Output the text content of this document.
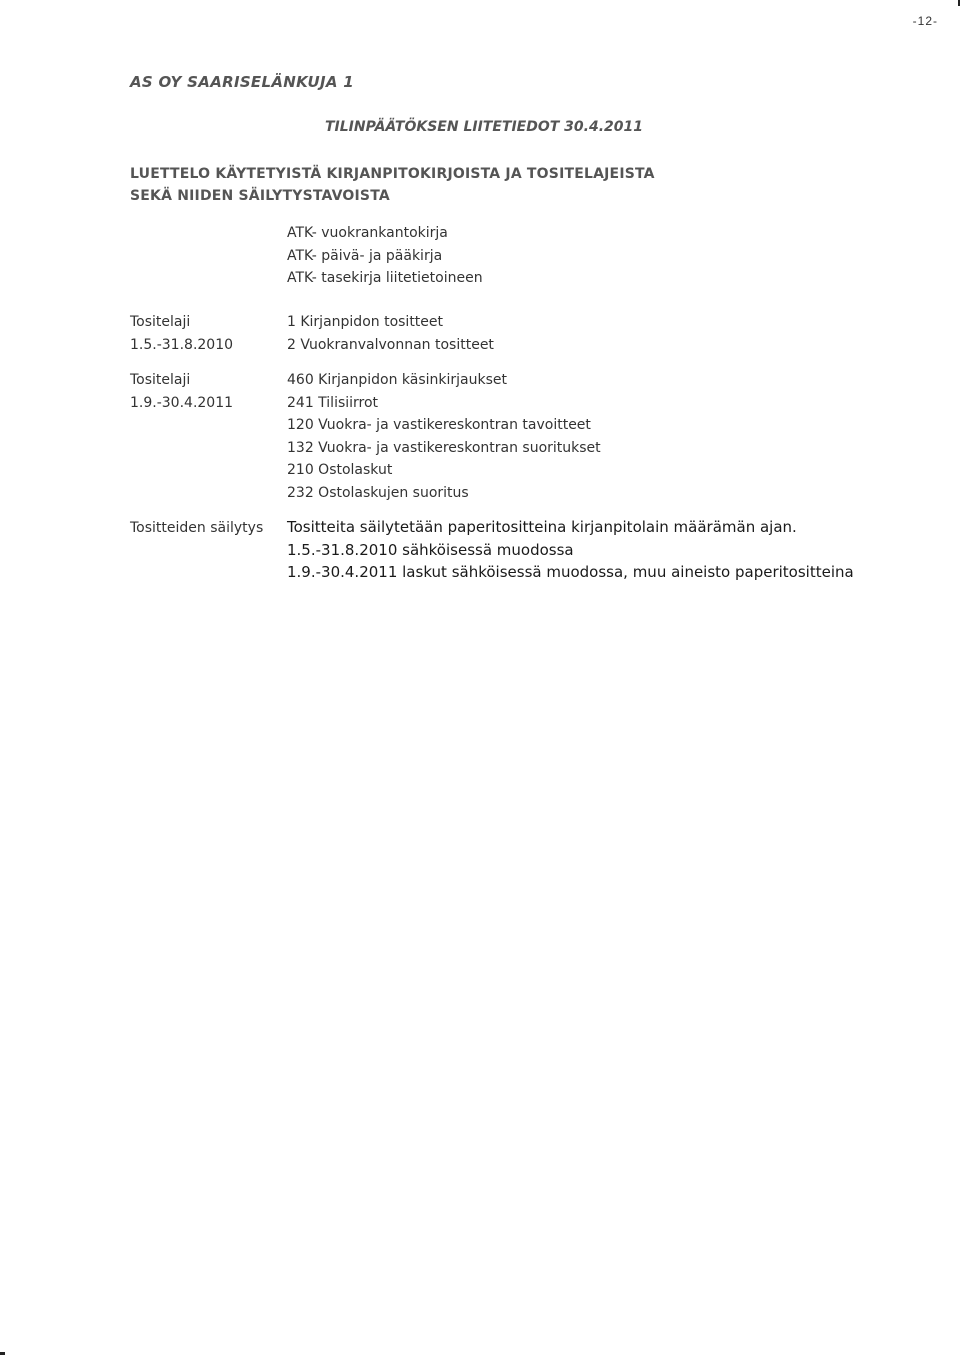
-12-
AS OY SAARISELÄNKUJA 1
TILINPÄÄTÖKSEN LIITETIEDOT 30.4.2011
LUETTELO KÄYTETYISTÄ KIRJANPITOKIRJOISTA JA TOSITELAJEISTA
SEKÄ NIIDEN SÄILYTYSTAVOISTA
ATK- vuokrankantokirja
ATK- päivä- ja pääkirja
ATK- tasekirja liitetietoineen
Tositelaji
1.5.-31.8.2010
1 Kirjanpidon tositteet
2 Vuokranvalvonnan tositteet
Tositelaji
1.9.-30.4.2011
460 Kirjanpidon käsinkirjaukset
241 Tilisiirrot
120 Vuokra- ja vastikereskontran tavoitteet
132 Vuokra- ja vastikereskontran suoritukset
210 Ostolaskut
232 Ostolaskujen suoritus
Tositteiden säilytys Tositteita säilytetään paperitositteina kirjanpitolain määrämän ajan.
1.5.-31.8.2010 sähköisessä muodossa
1.9.-30.4.2011 laskut sähköisessä muodossa, muu aineisto paperitositteina
